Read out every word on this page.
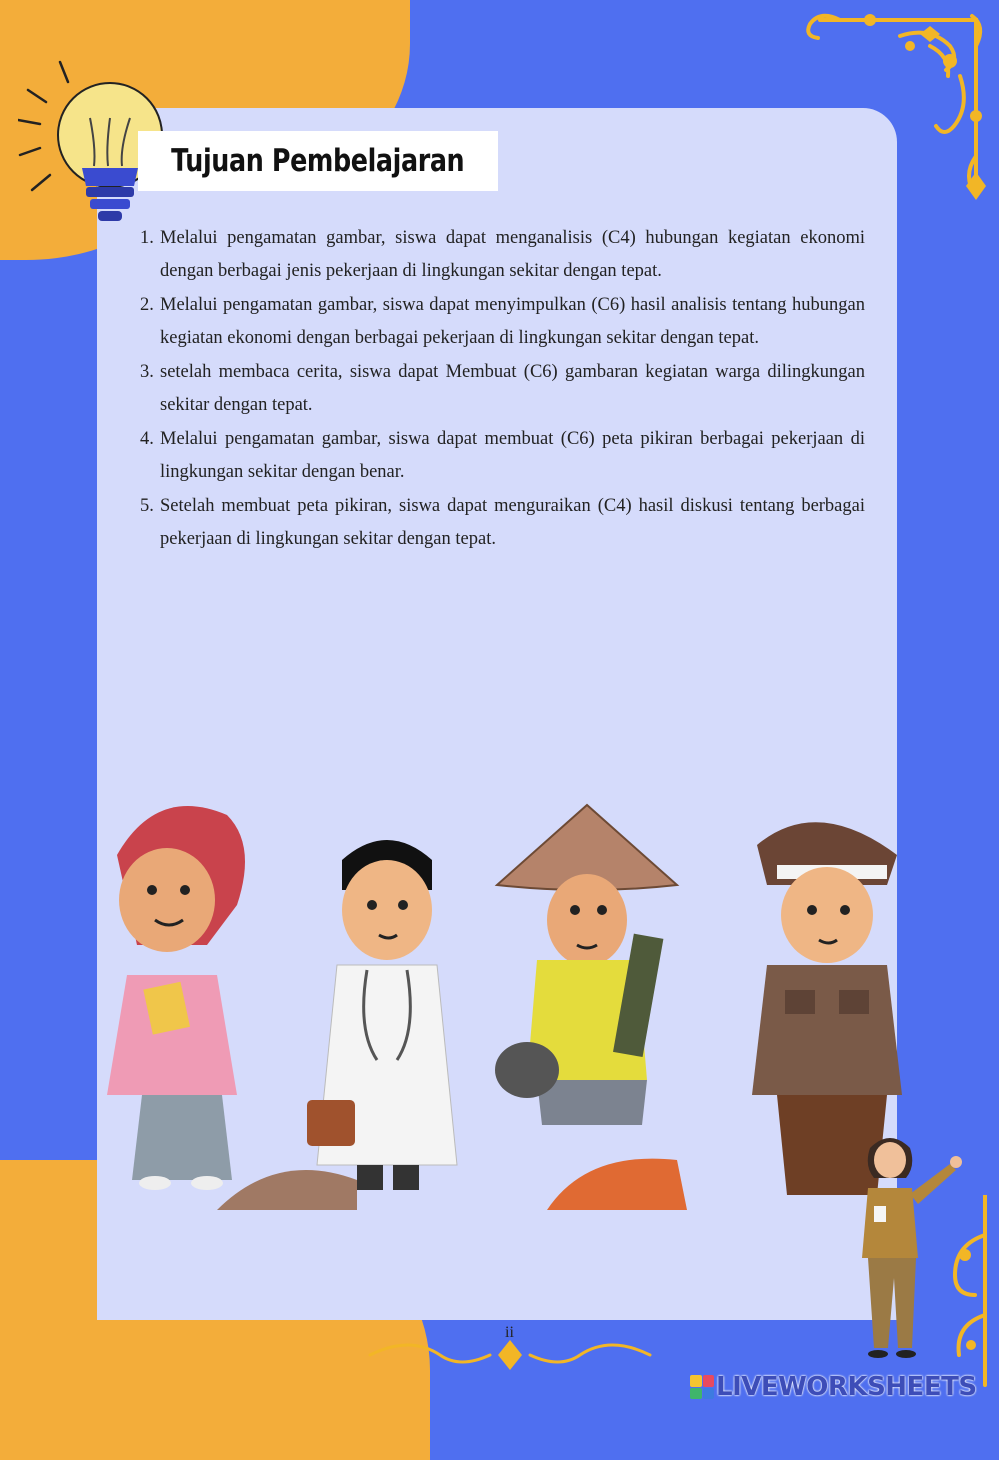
Tujuan Pembelajaran
1. Melalui pengamatan gambar, siswa dapat menganalisis (C4) hubungan kegiatan ekonomi dengan berbagai jenis pekerjaan di lingkungan sekitar dengan tepat.
2. Melalui pengamatan gambar, siswa dapat menyimpulkan (C6) hasil analisis tentang hubungan kegiatan ekonomi dengan berbagai pekerjaan di lingkungan sekitar dengan tepat.
3. setelah membaca cerita, siswa dapat Membuat (C6) gambaran kegiatan warga dilingkungan sekitar dengan tepat.
4. Melalui pengamatan gambar, siswa dapat membuat (C6) peta pikiran berbagai pekerjaan di lingkungan sekitar dengan benar.
5. Setelah membuat peta pikiran, siswa dapat menguraikan (C4) hasil diskusi tentang berbagai pekerjaan di lingkungan sekitar dengan tepat.
ii
LIVEWORKSHEETS
